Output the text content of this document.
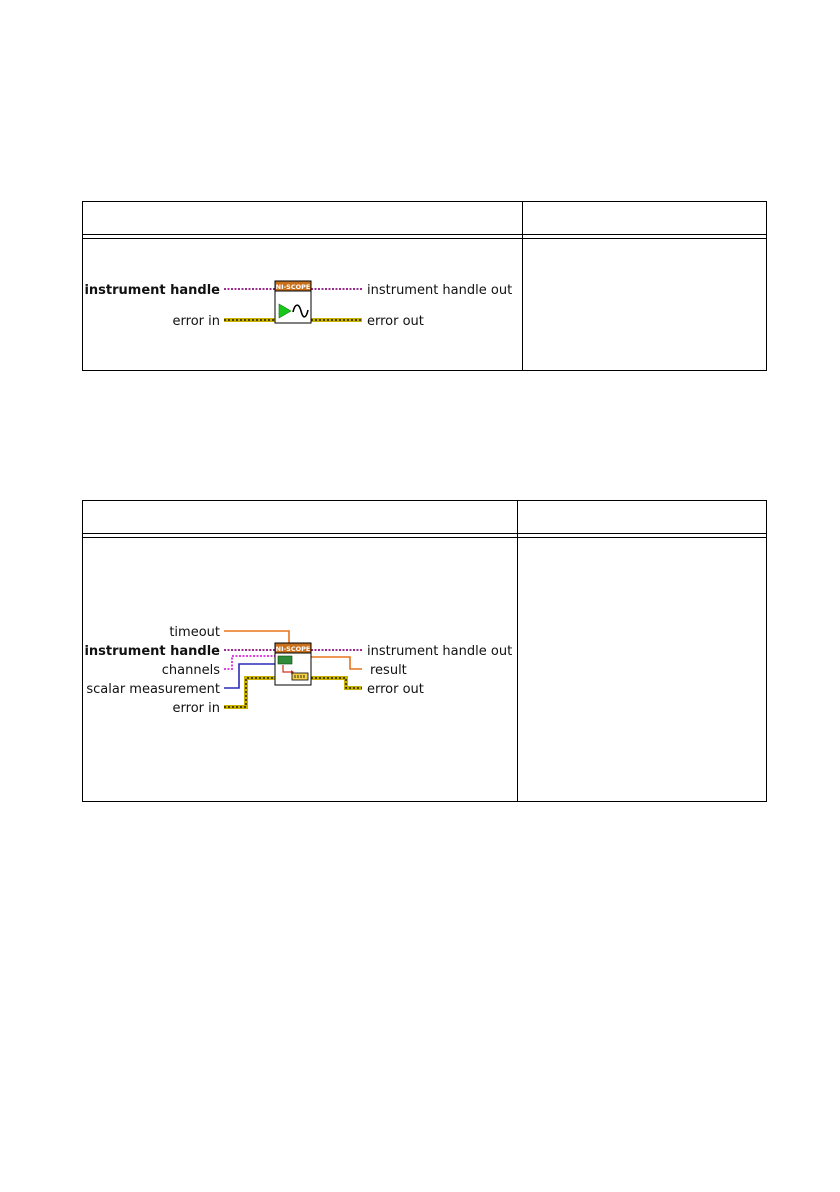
NI-SCOPE
instrument handle
error in
instrument handle out
error out
NI-SCOPE
timeout
instrument handle
channels
scalar measurement
error in
instrument handle out
result
error out
